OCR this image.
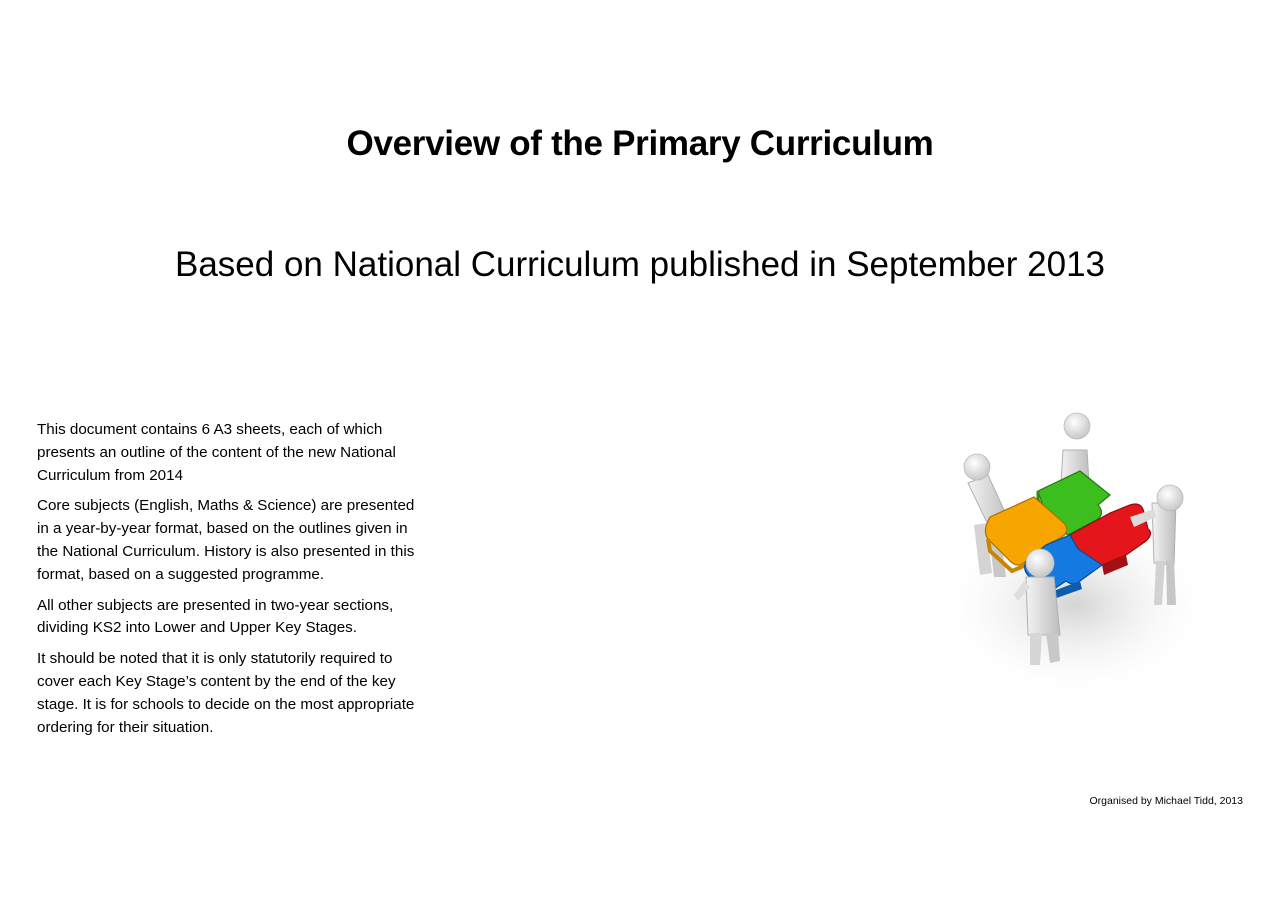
Overview of the Primary Curriculum
Based on National Curriculum published in September 2013

This document contains 6 A3 sheets, each of which presents an outline of the content of the new National Curriculum from 2014

Core subjects (English, Maths & Science) are presented in a year-by-year format, based on the outlines given in the National Curriculum. History is also presented in this format, based on a suggested programme.

All other subjects are presented in two-year sections, dividing KS2 into Lower and Upper Key Stages.

It should be noted that it is only statutorily required to cover each Key Stage’s content by the end of the key stage. It is for schools to decide on the most appropriate ordering for their situation.

Organised by Michael Tidd, 2013
